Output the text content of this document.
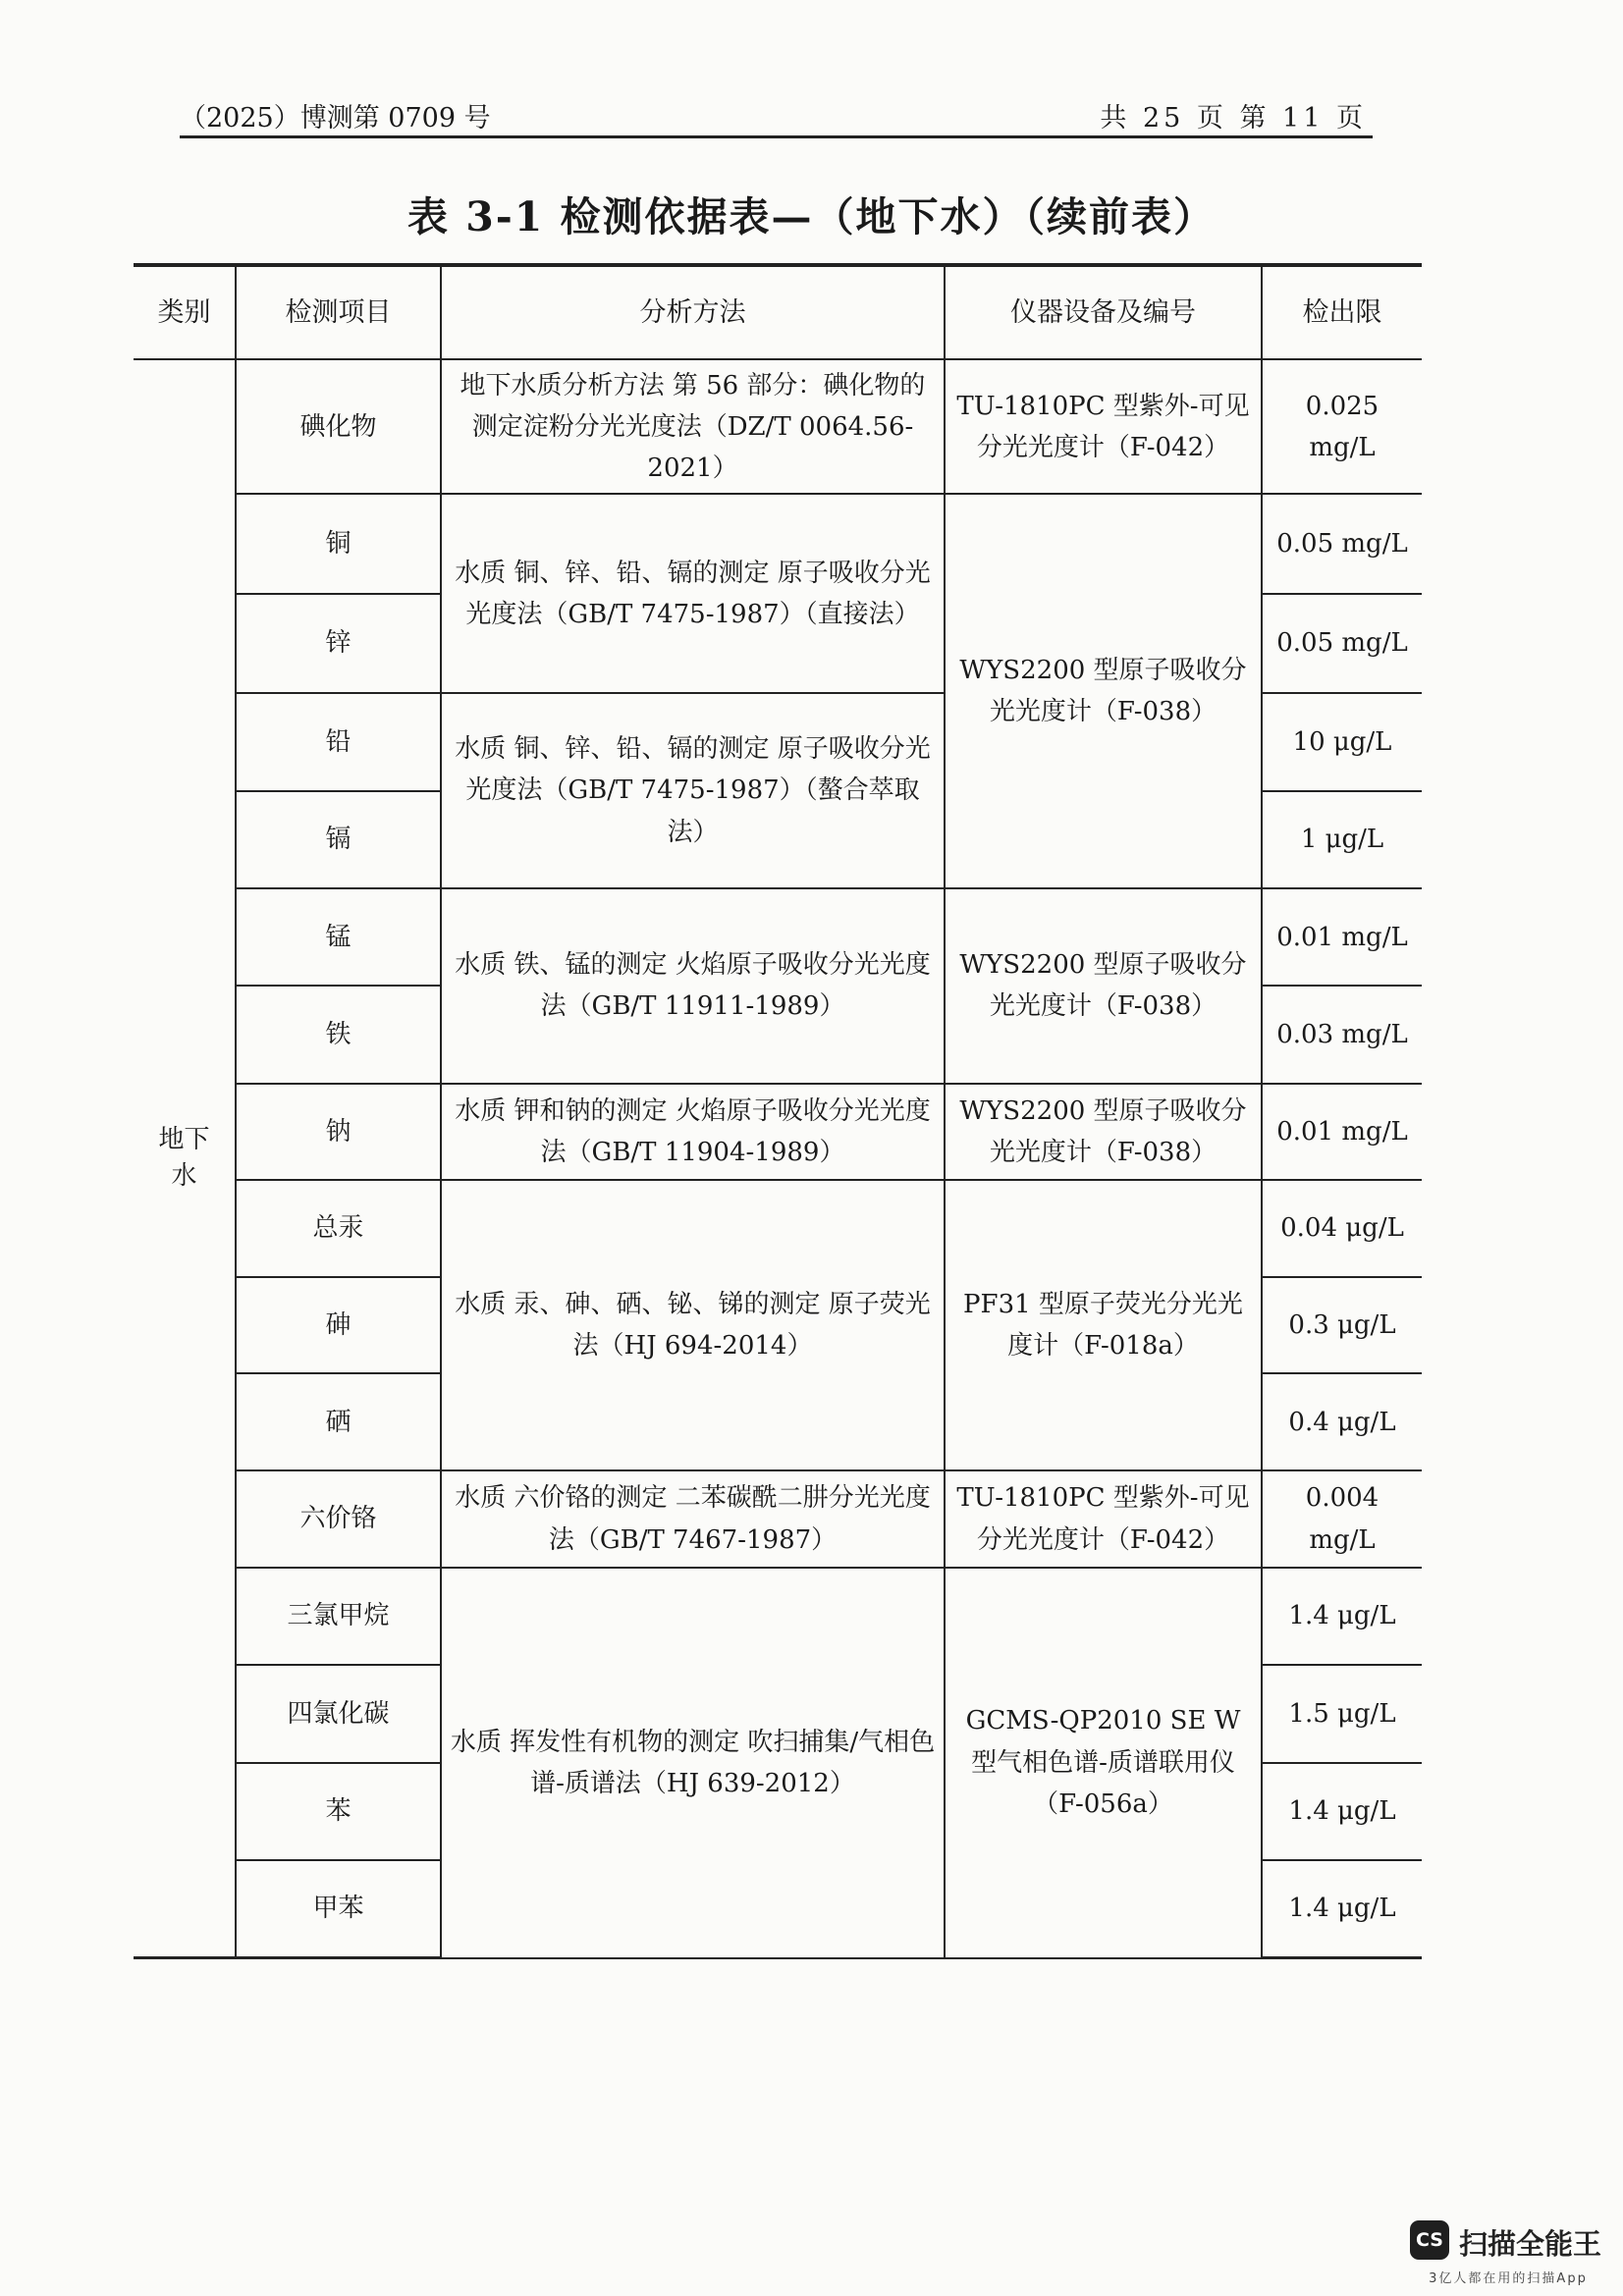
（2025）博测第 0709 号	共 25 页 第 11 页
表 3-1 检测依据表—（地下水）（续前表）
类别	检测项目	分析方法	仪器设备及编号	检出限

地下
水	碘化物	地下水质分析方法 第 56 部分：碘化物的测定淀粉分光光度法（DZ/T 0064.56-2021）	TU-1810PC 型紫外-可见分光光度计（F-042）	0.025 mg/L
	铜	水质 铜、锌、铅、镉的测定 原子吸收分光光度法（GB/T 7475-1987）（直接法）	WYS2200 型原子吸收分光光度计（F-038）	0.05 mg/L
	锌			0.05 mg/L
	铅	水质 铜、锌、铅、镉的测定 原子吸收分光光度法（GB/T 7475-1987）（螯合萃取法）		10 μg/L
	镉			1 μg/L
	锰	水质 铁、锰的测定 火焰原子吸收分光光度法（GB/T 11911-1989）	WYS2200 型原子吸收分光光度计（F-038）	0.01 mg/L
	铁			0.03 mg/L
	钠	水质 钾和钠的测定 火焰原子吸收分光光度法（GB/T 11904-1989）	WYS2200 型原子吸收分光光度计（F-038）	0.01 mg/L
	总汞	水质 汞、砷、硒、铋、锑的测定 原子荧光法（HJ 694-2014）	PF31 型原子荧光分光光度计（F-018a）	0.04 μg/L
	砷			0.3 μg/L
	硒			0.4 μg/L
	六价铬	水质 六价铬的测定 二苯碳酰二肼分光光度法（GB/T 7467-1987）	TU-1810PC 型紫外-可见分光光度计（F-042）	0.004 mg/L
	三氯甲烷	水质 挥发性有机物的测定 吹扫捕集/气相色谱-质谱法（HJ 639-2012）	GCMS-QP2010 SE W 型气相色谱-质谱联用仪（F-056a）	1.4 μg/L
	四氯化碳			1.5 μg/L
	苯			1.4 μg/L
	甲苯			1.4 μg/L
CS 扫描全能王
3亿人都在用的扫描App
